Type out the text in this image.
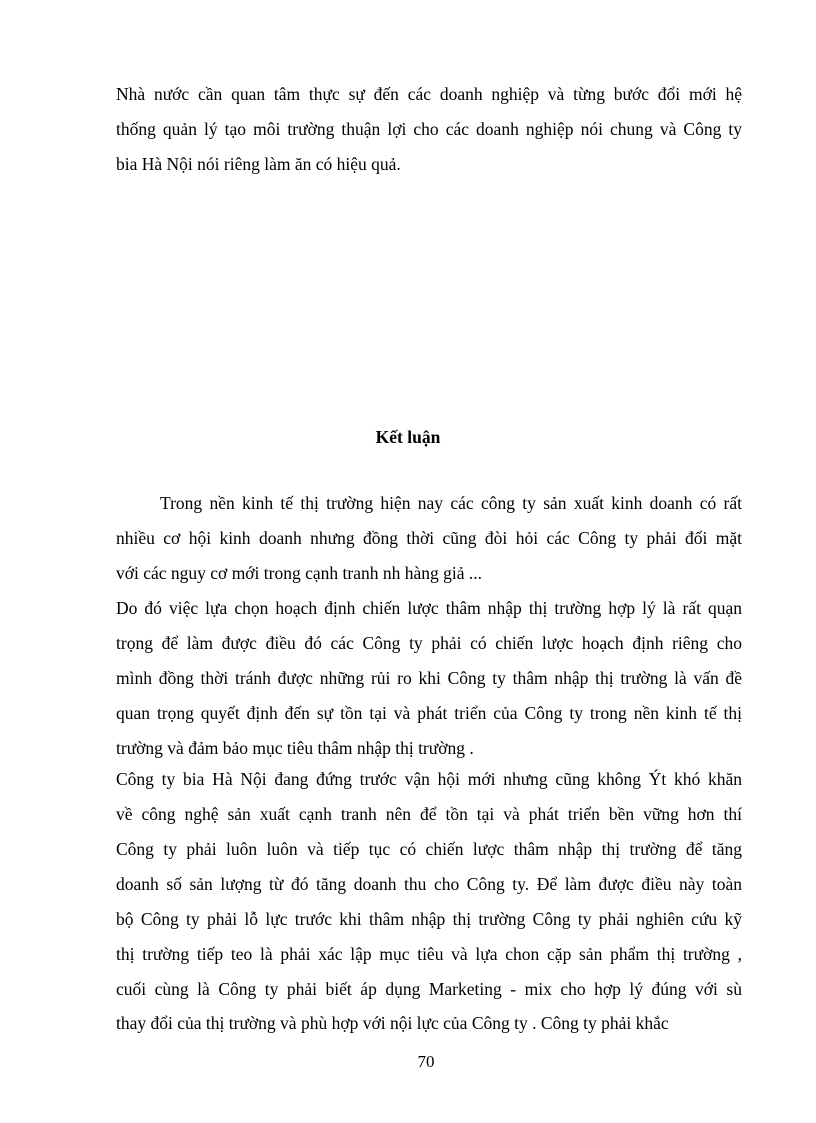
Nhà nước cần quan tâm thực sự đến các doanh nghiệp và từng bước đổi mới hệ
thống quản lý tạo môi trường thuận lợi cho các doanh nghiệp nói chung và Công ty
bia Hà Nội nói riêng làm ăn có hiệu quả.
Kết luận
Trong nền kinh tế thị trường hiện nay các công ty sản xuất kinh doanh có rất
nhiều cơ hội kinh doanh nhưng đồng thời cũng đòi hỏi các Công ty phải đối mặt
với các nguy cơ mới trong cạnh tranh nh hàng giả ...
Do đó việc lựa chọn hoạch định chiến lược thâm nhập thị trường hợp lý là rất quạn
trọng để làm được điều đó các Công ty phải có chiến lược hoạch định riêng cho
mình đồng thời tránh được những rủi ro khi Công ty thâm nhập thị trường là vấn đề
quan trọng quyết định đến sự tồn tại và phát triển của Công ty trong nền kinh tế thị
trường và đảm bảo mục tiêu thâm nhập thị trường .
Công ty bia Hà Nội đang đứng trước vận hội mới nhưng cũng không Ýt khó khăn
về công nghệ sản xuất cạnh tranh nên để tồn tại và phát triển bền vững hơn thí
Công ty phải luôn luôn và tiếp tục có chiến lược thâm nhập thị trường để tăng
doanh số sản lượng từ đó tăng doanh thu cho Công ty. Để làm được điều này toàn
bộ Công ty phải lỗ lực trước khi thâm nhập thị trường Công ty phải nghiên cứu kỹ
thị trường tiếp teo là phải xác lập mục tiêu và lựa chon cặp sản phẩm thị trường ,
cuối cùng là Công ty phải biết áp dụng Marketing - mix cho hợp lý đúng với sù
thay đổi của thị trường và phù hợp với nội lực của Công ty . Công ty phải khắc
70
